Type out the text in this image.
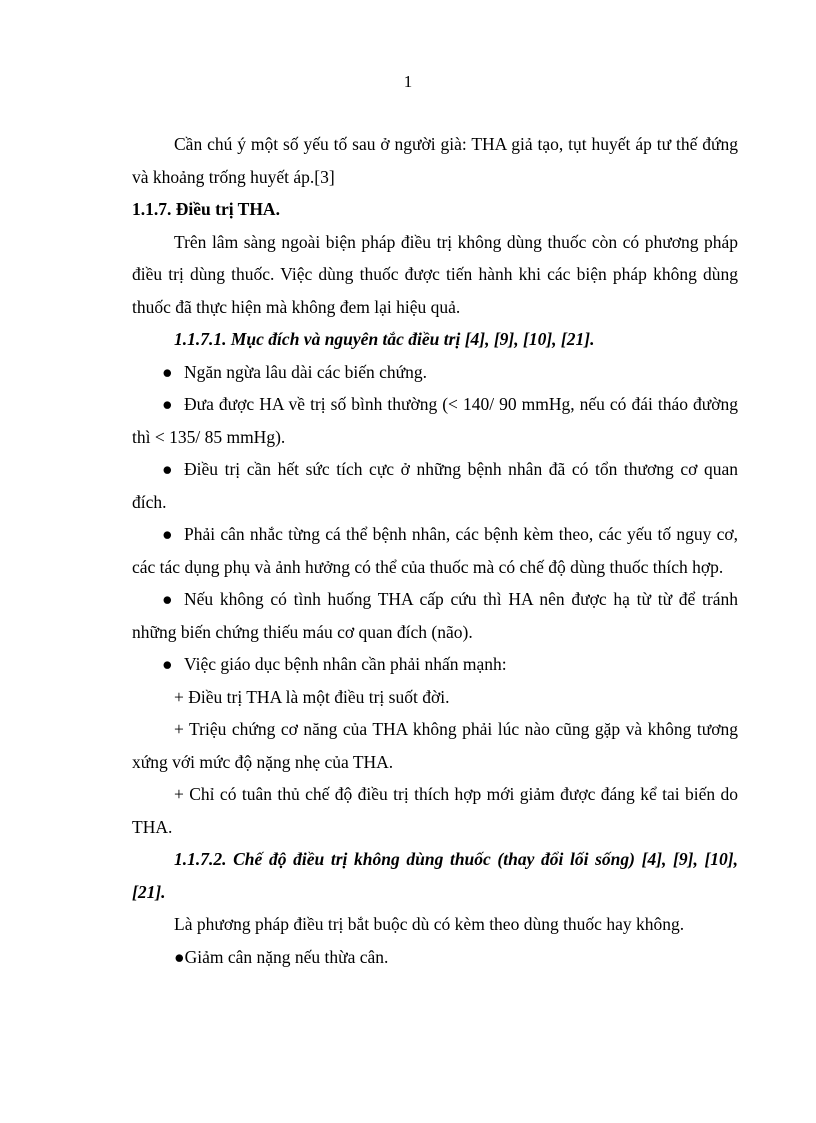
1

Cần chú ý một số yếu tố sau ở người già: THA giả tạo, tụt huyết áp tư thế đứng và khoảng trống huyết áp.[3]

1.1.7. Điều trị THA.

Trên lâm sàng ngoài biện pháp điều trị không dùng thuốc còn có phương pháp điều trị dùng thuốc. Việc dùng thuốc được tiến hành khi các biện pháp không dùng thuốc đã thực hiện mà không đem lại hiệu quả.

1.1.7.1. Mục đích và nguyên tắc điều trị [4], [9], [10], [21].

● Ngăn ngừa lâu dài các biến chứng.

● Đưa được HA về trị số bình thường (< 140/ 90 mmHg, nếu có đái tháo đường thì < 135/ 85 mmHg).

● Điều trị cần hết sức tích cực ở những bệnh nhân đã có tổn thương cơ quan đích.

● Phải cân nhắc từng cá thể bệnh nhân, các bệnh kèm theo, các yếu tố nguy cơ, các tác dụng phụ và ảnh hưởng có thể của thuốc mà có chế độ dùng thuốc thích hợp.

● Nếu không có tình huống THA cấp cứu thì HA nên được hạ từ từ để tránh những biến chứng thiếu máu cơ quan đích (não).

● Việc giáo dục bệnh nhân cần phải nhấn mạnh:

+ Điều trị THA là một điều trị suốt đời.

+ Triệu chứng cơ năng của THA không phải lúc nào cũng gặp và không tương xứng với mức độ nặng nhẹ của THA.

+ Chỉ có tuân thủ chế độ điều trị thích hợp mới giảm được đáng kể tai biến do THA.

1.1.7.2. Chế độ điều trị không dùng thuốc (thay đổi lối sống) [4], [9], [10], [21].

Là phương pháp điều trị bắt buộc dù có kèm theo dùng thuốc hay không.

●Giảm cân nặng nếu thừa cân.
